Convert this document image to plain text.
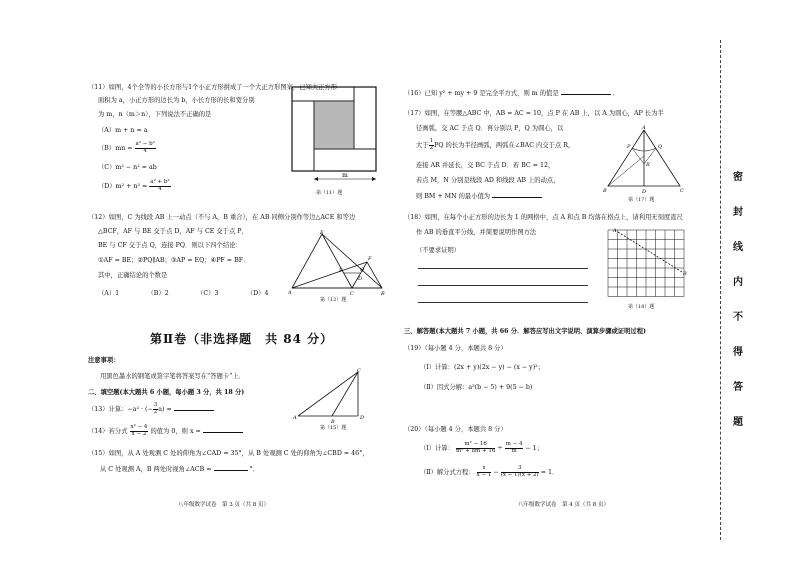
（11）如图，4个全等的小长方形与1个小正方形拼成了一个大正方形图案，已知大正方形
面积为 a，小正方形的边长为 b，小长方形的长和宽分别
为 m，n（m＞n），下列说法不正确的是
（A）m + n = a
$(B)mn = \frac{\text{a² − b²}}{4}$
（C）m² − n² = ab
$(D)m^2 + n^2 = \frac{\text{a² + b²}}{4}$
（12）如图，C 为线段 AB 上一动点（不与 A，B 重合），在 AB 同侧分别作等边△ACE 和等边
△BCF，AF 与 BE 交于点 D，AF 与 CE 交于点 P，
BE 与 CF 交于点 Q，连接 PQ．则以下四个结论：
①AF = BE；②PQ∥AB；③AP = EQ；④PF = BF．
其中，正确结论的个数是
（A）1　　　　　（B）2　　　　　（C）3　　　　　（D）4
m
第（11）题
E
F
A	C	B
P	Q
D
第（12）题
第Ⅱ卷（非选择题　共 84 分）
注意事项：
用黑色墨水的钢笔或签字笔将答案写在“答题卡”上．
二、填空题(本大题共 6 小题，每小题 3 分，共 18 分)
（13）计算：−a² · (− $\frac{3}{2} a$) =
（14）若分式 $\frac{\text{x² − 4}}{x - 2}$ 的值为 0，则 x =
（15）如图，从 A 处观测 C 处的仰角为∠CAD = 35°，从 B 处观测 C 处的仰角为∠CBD = 46°，
从 C 处观测 A，B 两处时视角∠ACB =	°．
C
A
B
D
第（15）题
八年级数学试卷　第 3 页（共 8 页）
（16）已知 y² + my + 9 是完全平方式，则 m 的值是	．
（17）如图，在等腰△ABC 中，AB = AC = 10，点 P 在 AB 上，以 A 为圆心，AP 长为半
径画弧，交 AC 于点 Q．再分别以 P，Q 为圆心，以
大于 $\frac{1}{2}$ PQ 的长为半径画弧，两弧在∠BAC 内交于点 R，
连接 AR 并延长，交 BC 于点 D．若 BC = 12，
若点 M，N 分别是线段 AD 和线段 AB 上的动点，
则 BM + MN 的最小值为
A
B	C
D
P	Q
R
第（17）题
（18）如图，在每个小正方形的边长为 1 的网格中，点 A 和点 B 均落在格点上，请利用无刻度直尺
作 AB 的垂直平分线，并简要说明作图方法
（不要求证明）
A
B
第（18）题
三、解答题(本大题共 7 小题，共 66 分．解答应写出文字说明、演算步骤或证明过程)
（19）（每小题 4 分，本题共 8 分）
（Ⅰ）计算：(2x + y)(2x − y) − (x − y)²；
（Ⅱ）因式分解：a²(b − 5) + 9(5 − b)
（20）（每小题 4 分，本题共 8 分）
（Ⅰ）计算： $\frac{\text{m² − 16}}{\text{m² + 8m + 16}} \div \frac{m - 4}{m} - 1$；
（Ⅱ）解分式方程： $\frac{x}{x - 1} - \frac{3}{(x - 1)(x + 2)} = 1$．
八年级数学试卷　第 4 页（共 8 页）
密
封
线
内
不
得
答
题
